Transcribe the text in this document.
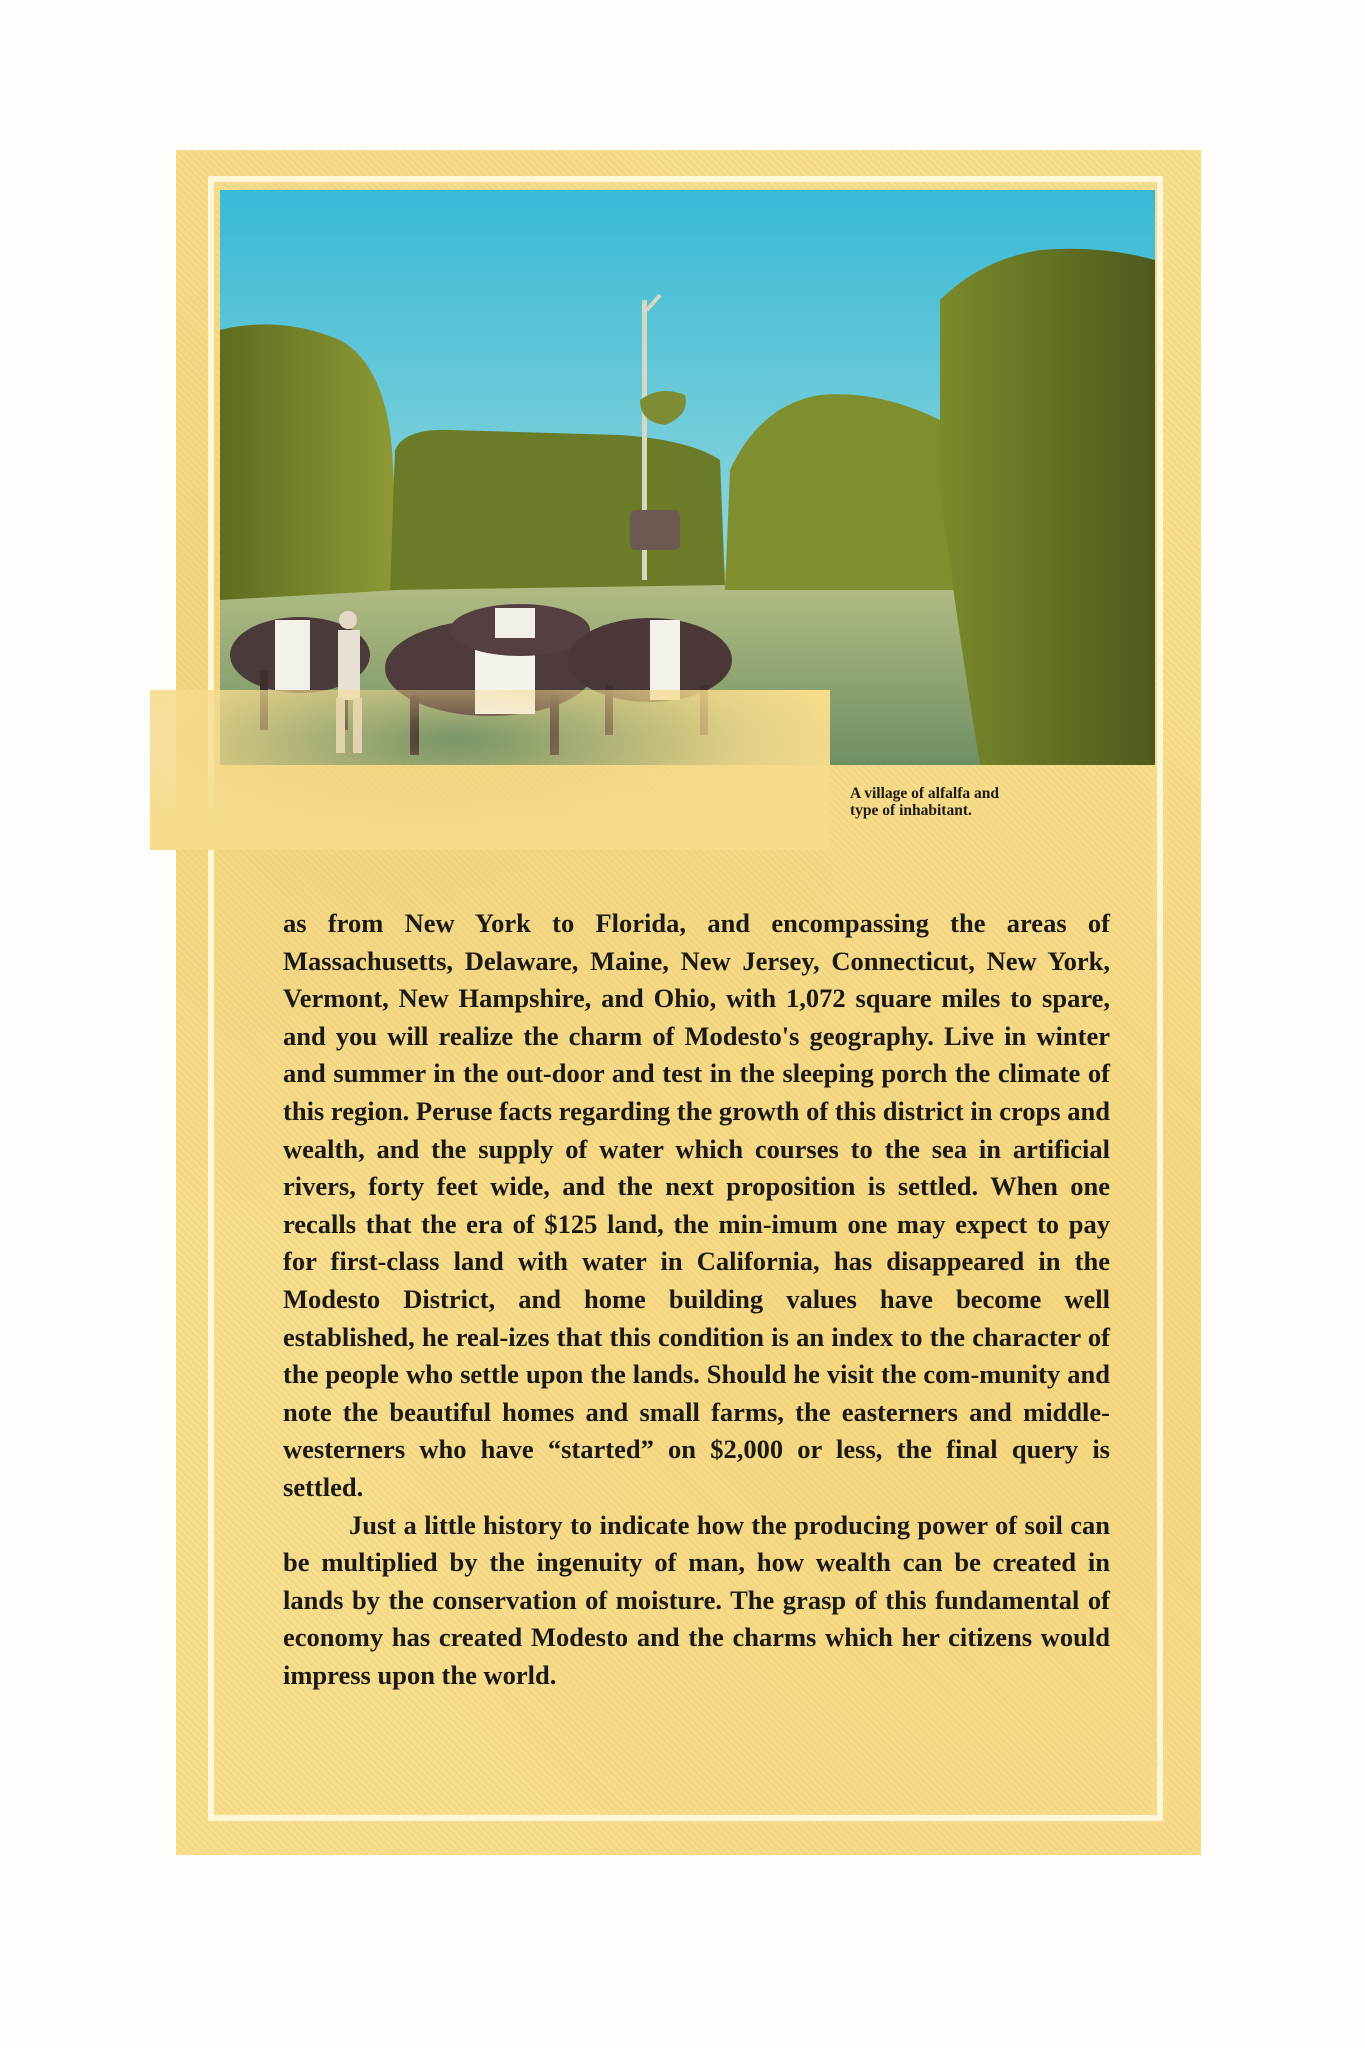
A village of alfalfa and
type of inhabitant.

as from New York to Florida, and encompassing the areas of Massachusetts, Delaware, Maine, New Jersey, Connecticut, New York, Vermont, New Hampshire, and Ohio, with 1,072 square miles to spare, and you will realize the charm of Modesto's geography. Live in winter and summer in the out-door and test in the sleeping porch the climate of this region. Peruse facts regarding the growth of this district in crops and wealth, and the supply of water which courses to the sea in artificial rivers, forty feet wide, and the next proposition is settled. When one recalls that the era of $125 land, the min-imum one may expect to pay for first-class land with water in California, has disappeared in the Modesto District, and home building values have become well established, he real-izes that this condition is an index to the character of the people who settle upon the lands. Should he visit the com-munity and note the beautiful homes and small farms, the easterners and middle-westerners who have “started” on $2,000 or less, the final query is settled.

Just a little history to indicate how the producing power of soil can be multiplied by the ingenuity of man, how wealth can be created in lands by the conservation of moisture. The grasp of this fundamental of economy has created Modesto and the charms which her citizens would impress upon the world.
